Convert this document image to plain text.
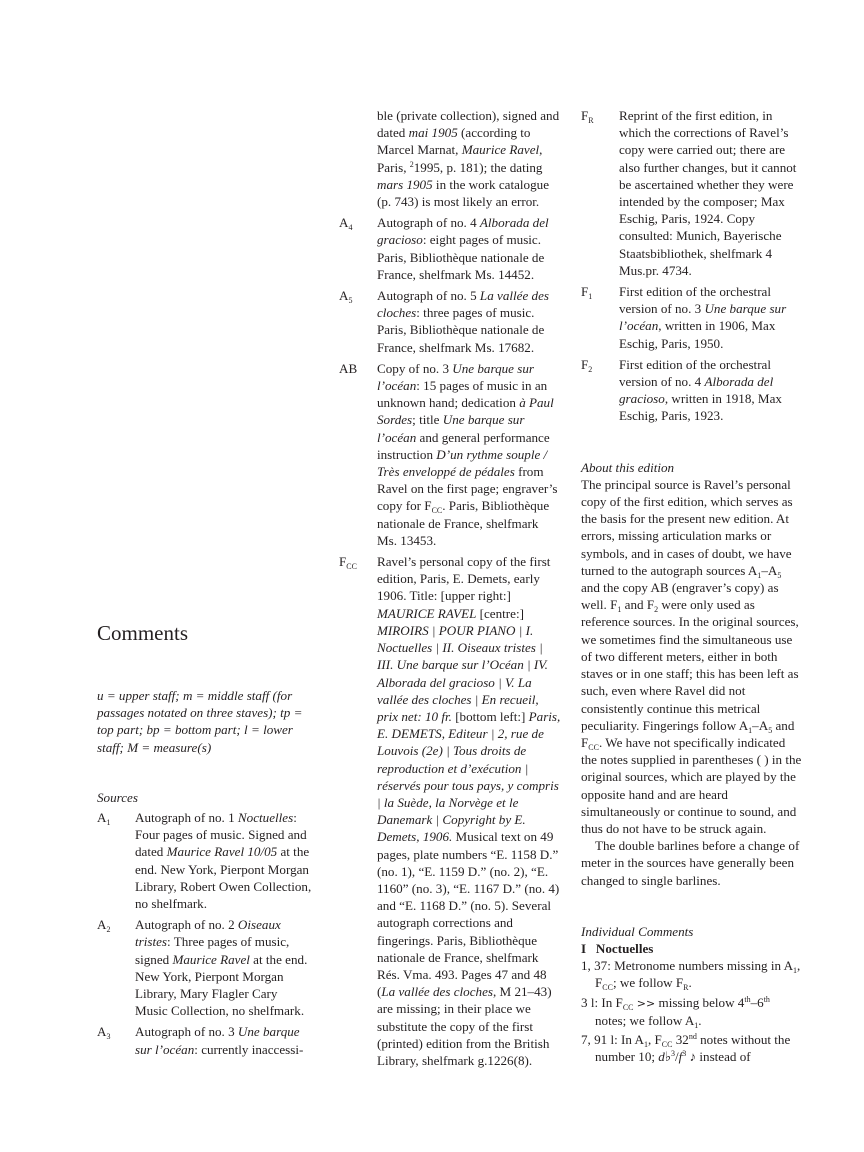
ble (private collection), signed and dated mai 1905 (according to Marcel Marnat, Maurice Ravel, Paris, $^2$1995, p. 181); the dating mars 1905 in the work catalogue (p. 743) is most likely an error.
$A_4$ Autograph of no. 4 Alborada del gracioso: eight pages of music. Paris, Bibliothèque nationale de France, shelfmark Ms. 14452.
$A_5$ Autograph of no. 5 La vallée des cloches: three pages of music. Paris, Bibliothèque nationale de France, shelfmark Ms. 17682.
AB Copy of no. 3 Une barque sur l’océan: 15 pages of music in an unknown hand; dedication à Paul Sordes; title Une barque sur l’océan and general performance instruction D’un rythme souple / Très enveloppé de pédales from Ravel on the first page; engraver’s copy for $F_{CC}$. Paris, Bibliothèque nationale de France, shelfmark Ms. 13453.
$F_{CC}$ Ravel’s personal copy of the first edition, Paris, E. Demets, early 1906. Title: [upper right:] MAURICE RAVEL [centre:] MIROIRS | POUR PIANO | I. Noctuelles | II. Oiseaux tristes | III. Une barque sur l’Océan | IV. Alborada del gracioso | V. La vallée des cloches | En recueil, prix net: 10 fr. [bottom left:] Paris, E. DEMETS, Editeur | 2, rue de Louvois (2e) | Tous droits de reproduction et d’exécution | réservés pour tous pays, y compris | la Suède, la Norvège et le Danemark | Copyright by E. Demets, 1906. Musical text on 49 pages, plate numbers “E. 1158 D.” (no. 1), “E. 1159 D.” (no. 2), “E. 1160” (no. 3), “E. 1167 D.” (no. 4) and “E. 1168 D.” (no. 5). Several autograph corrections and fingerings. Paris, Bibliothèque nationale de France, shelfmark Rés. Vma. 493. Pages 47 and 48 (La vallée des cloches, M 21–43) are missing; in their place we substitute the copy of the first (printed) edition from the British Library, shelfmark g.1226(8).
$F_R$ Reprint of the first edition, in which the corrections of Ravel’s copy were carried out; there are also further changes, but it cannot be ascertained whether they were intended by the composer; Max Eschig, Paris, 1924. Copy consulted: Munich, Bayerische Staatsbibliothek, shelfmark 4 Mus.pr. 4734.
$F_1$ First edition of the orchestral version of no. 3 Une barque sur l’océan, written in 1906, Max Eschig, Paris, 1950.
$F_2$ First edition of the orchestral version of no. 4 Alborada del gracioso, written in 1918, Max Eschig, Paris, 1923.

About this edition

The principal source is Ravel’s personal copy of the first edition, which serves as the basis for the present new edition. At errors, missing articulation marks or symbols, and in cases of doubt, we have turned to the autograph sources $A_1-A_5$ and the copy AB (engraver’s copy) as well. $F_1$ and $F_2$ were only used as reference sources. In the original sources, we sometimes find the simultaneous use of two different meters, either in both staves or in one staff; this has been left as such, even where Ravel did not consistently continue this metrical peculiarity. Fingerings follow $A_1-A_5$ and $F_{CC}$. We have not specifically indicated the notes supplied in parentheses ( ) in the original sources, which are played by the opposite hand and are heard simultaneously or continue to sound, and thus do not have to be struck again.

The double barlines before a change of meter in the sources have generally been changed to single barlines.

Individual Comments

I   Noctuelles

1, 37: Metronome numbers missing in $A_1$, $F_{CC}$; we follow $F_R$.

3 l: In $F_{CC} >> missing$ below 4th–6th notes; we follow $A_1$.

7, 91 l: In $A_1$, $F_{CC}$ 32nd notes without the number 10; $d♭^3/f^3$ ♪ instead of

Comments

u = upper staff; m = middle staff (for passages notated on three staves); tp = top part; bp = bottom part; l = lower staff; M = measure(s)

Sources

$A_1$ Autograph of no. 1 Noctuelles: Four pages of music. Signed and dated Maurice Ravel 10/05 at the end. New York, Pierpont Morgan Library, Robert Owen Collection, no shelfmark.
$A_2$ Autograph of no. 2 Oiseaux tristes: Three pages of music, signed Maurice Ravel at the end. New York, Pierpont Morgan Library, Mary Flagler Cary Music Collection, no shelfmark.
$A_3$ Autograph of no. 3 Une barque sur l’océan: currently inaccessi-
